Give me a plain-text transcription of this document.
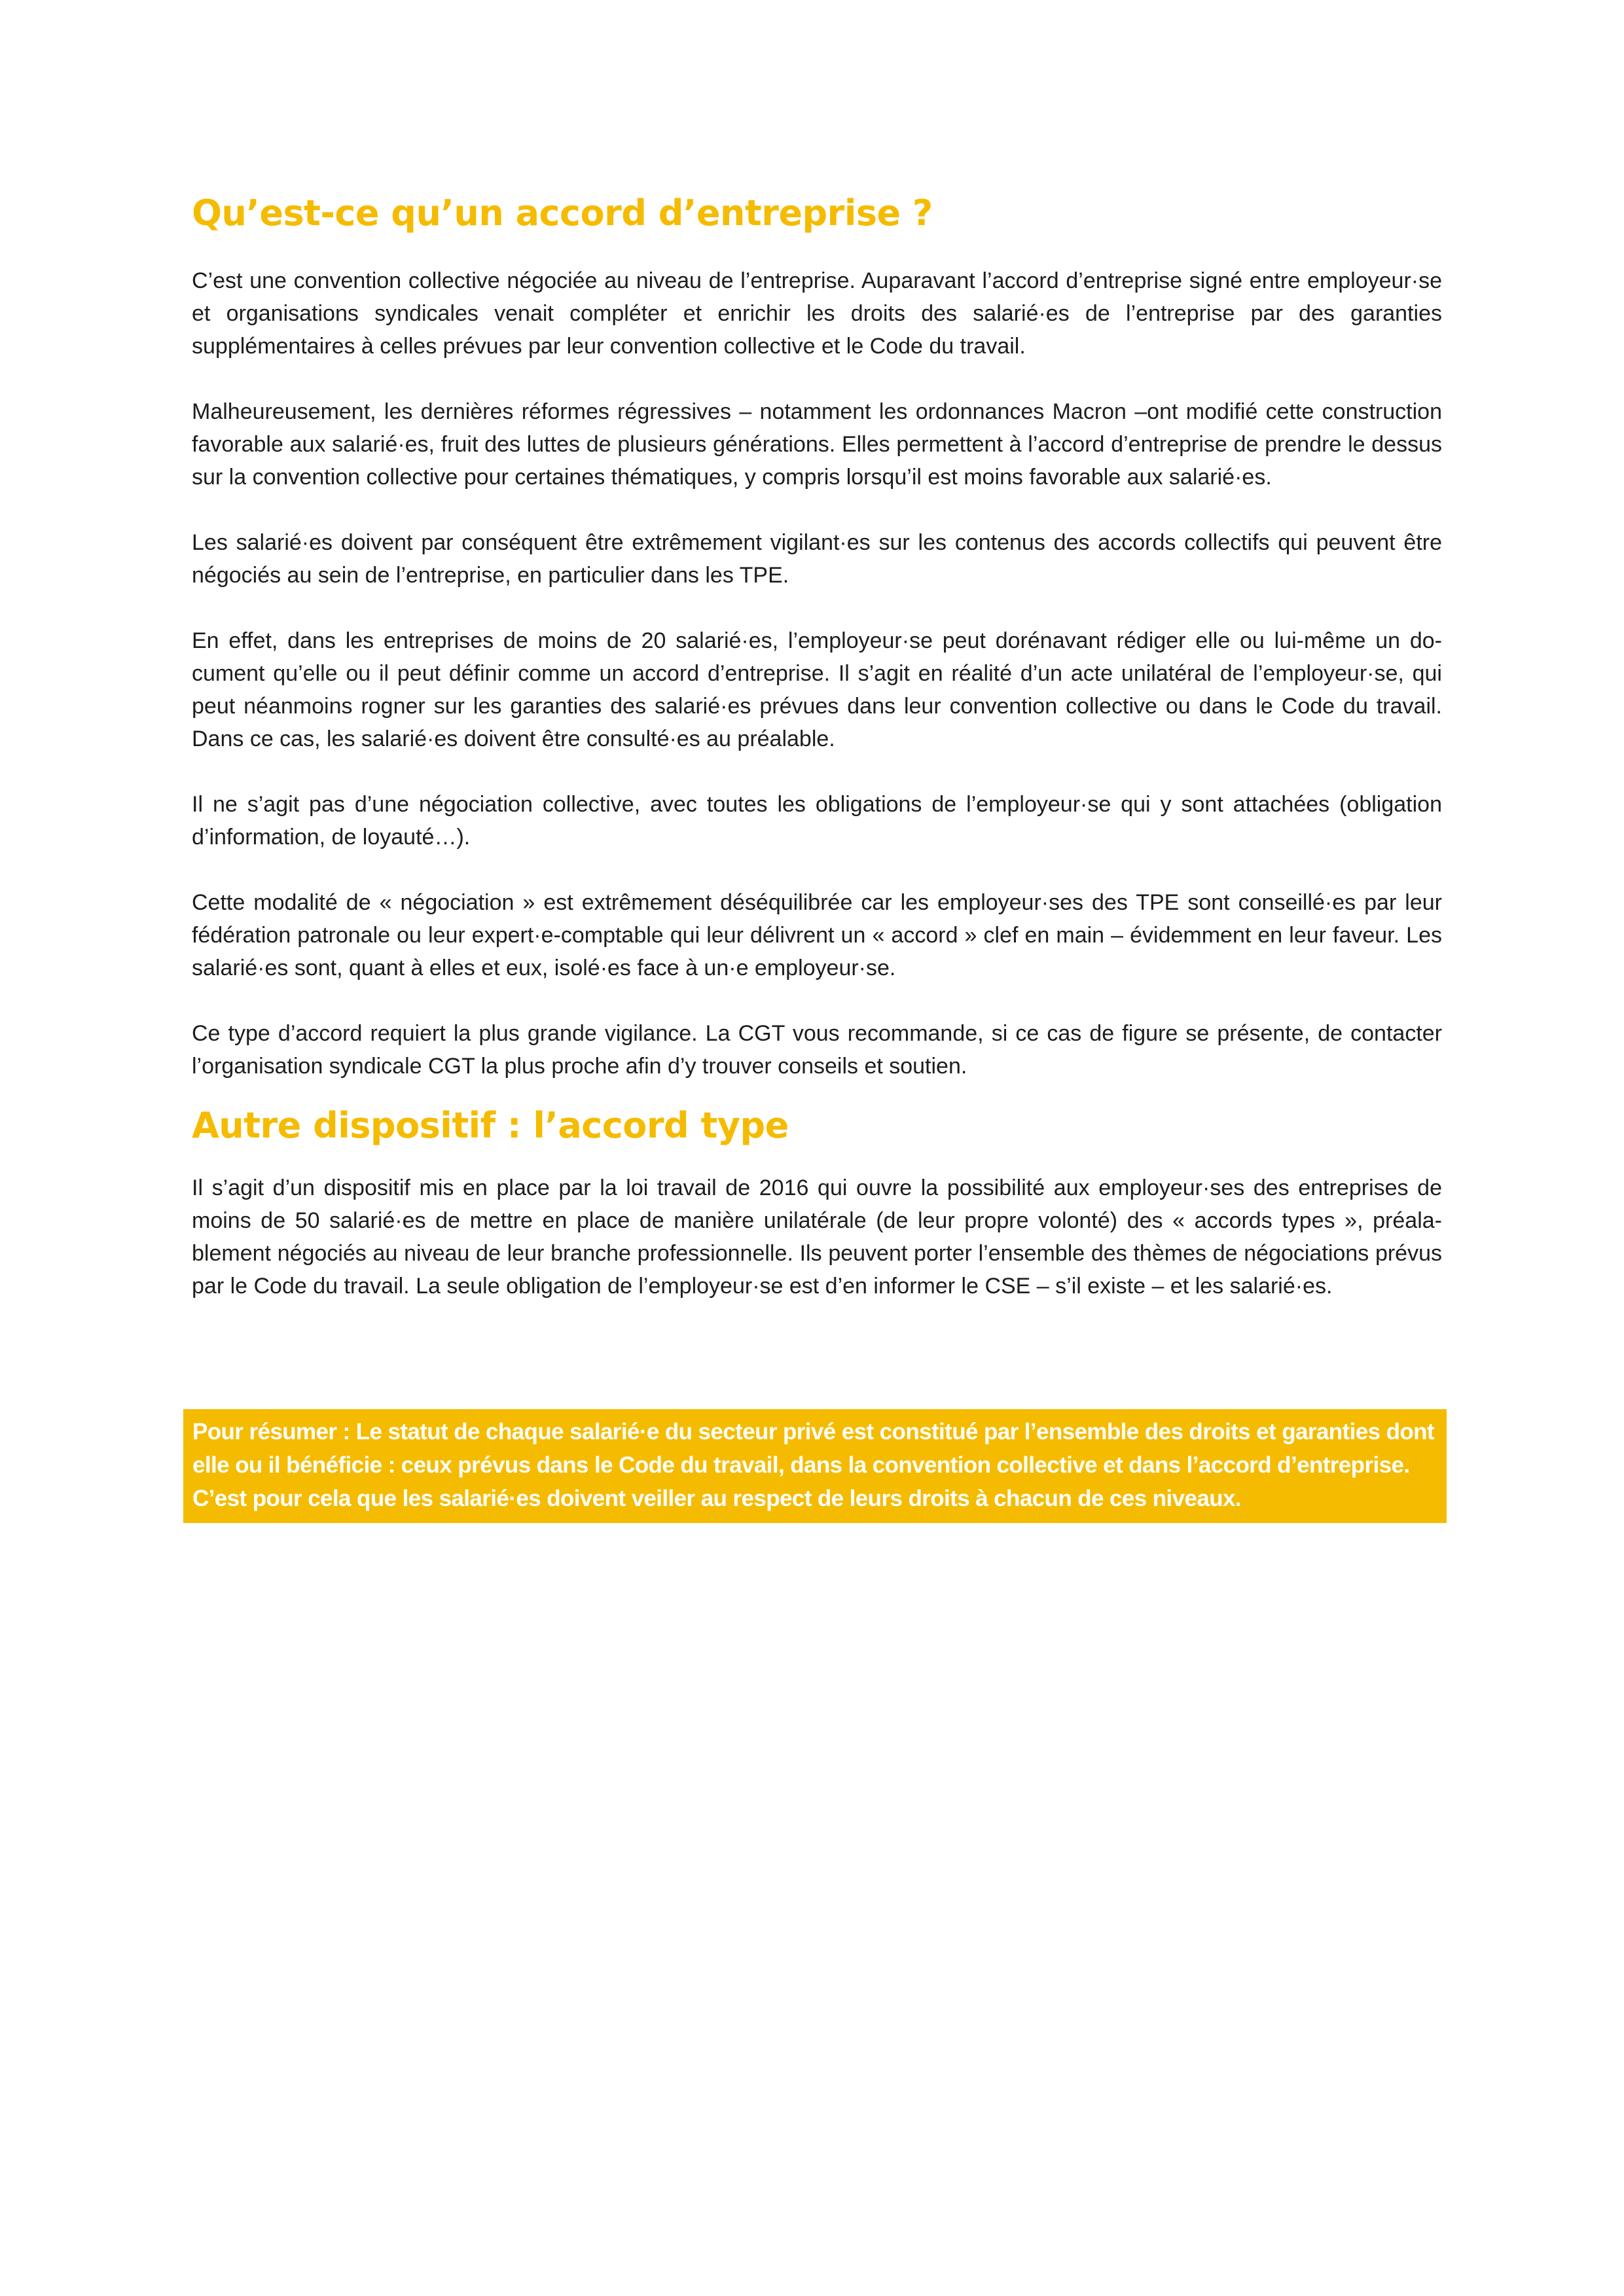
Qu’est-ce qu’un accord d’entreprise ?

C’est une convention collective négociée au niveau de l’entreprise. Auparavant l’accord d’entreprise signé entre employeur·se et organisations syndicales venait compléter et enrichir les droits des salarié·es de l’entreprise par des garanties supplémentaires à celles prévues par leur convention collective et le Code du travail.

Malheureusement, les dernières réformes régressives – notamment les ordonnances Macron –ont modifié cette construction favorable aux salarié·es, fruit des luttes de plusieurs générations. Elles permettent à l’accord d’entreprise de prendre le dessus sur la convention collective pour certaines thématiques, y compris lorsqu’il est moins favorable aux salarié·es.

Les salarié·es doivent par conséquent être extrêmement vigilant·es sur les contenus des accords collectifs qui peuvent être négociés au sein de l’entreprise, en particulier dans les TPE.

En effet, dans les entreprises de moins de 20 salarié·es, l’employeur·se peut dorénavant rédiger elle ou lui-même un document qu’elle ou il peut définir comme un accord d’entreprise. Il s’agit en réalité d’un acte unilatéral de l’employeur·se, qui peut néanmoins rogner sur les garanties des salarié·es prévues dans leur convention collective ou dans le Code du travail. Dans ce cas, les salarié·es doivent être consulté·es au préalable.

Il ne s’agit pas d’une négociation collective, avec toutes les obligations de l’employeur·se qui y sont attachées (obligation d’information, de loyauté…).

Cette modalité de « négociation » est extrêmement déséquilibrée car les employeur·ses des TPE sont conseillé·es par leur fédération patronale ou leur expert·e-comptable qui leur délivrent un « accord » clef en main – évidemment en leur faveur. Les salarié·es sont, quant à elles et eux, isolé·es face à un·e employeur·se.

Ce type d’accord requiert la plus grande vigilance. La CGT vous recommande, si ce cas de figure se présente, de contacter l’organisation syndicale CGT la plus proche afin d’y trouver conseils et soutien.

Autre dispositif : l’accord type

Il s’agit d’un dispositif mis en place par la loi travail de 2016 qui ouvre la possibilité aux employeur·ses des entreprises de moins de 50 salarié·es de mettre en place de manière unilatérale (de leur propre volonté) des « accords types », préalablement négociés au niveau de leur branche professionnelle. Ils peuvent porter l’ensemble des thèmes de négociations prévus par le Code du travail. La seule obligation de l’employeur·se est d’en informer le CSE – s’il existe – et les salarié·es.

Pour résumer : Le statut de chaque salarié·e du secteur privé est constitué par l’ensemble des droits et garanties dont elle ou il bénéficie : ceux prévus dans le Code du travail, dans la convention collective et dans l’accord d’entreprise. C’est pour cela que les salarié·es doivent veiller au respect de leurs droits à chacun de ces niveaux.
